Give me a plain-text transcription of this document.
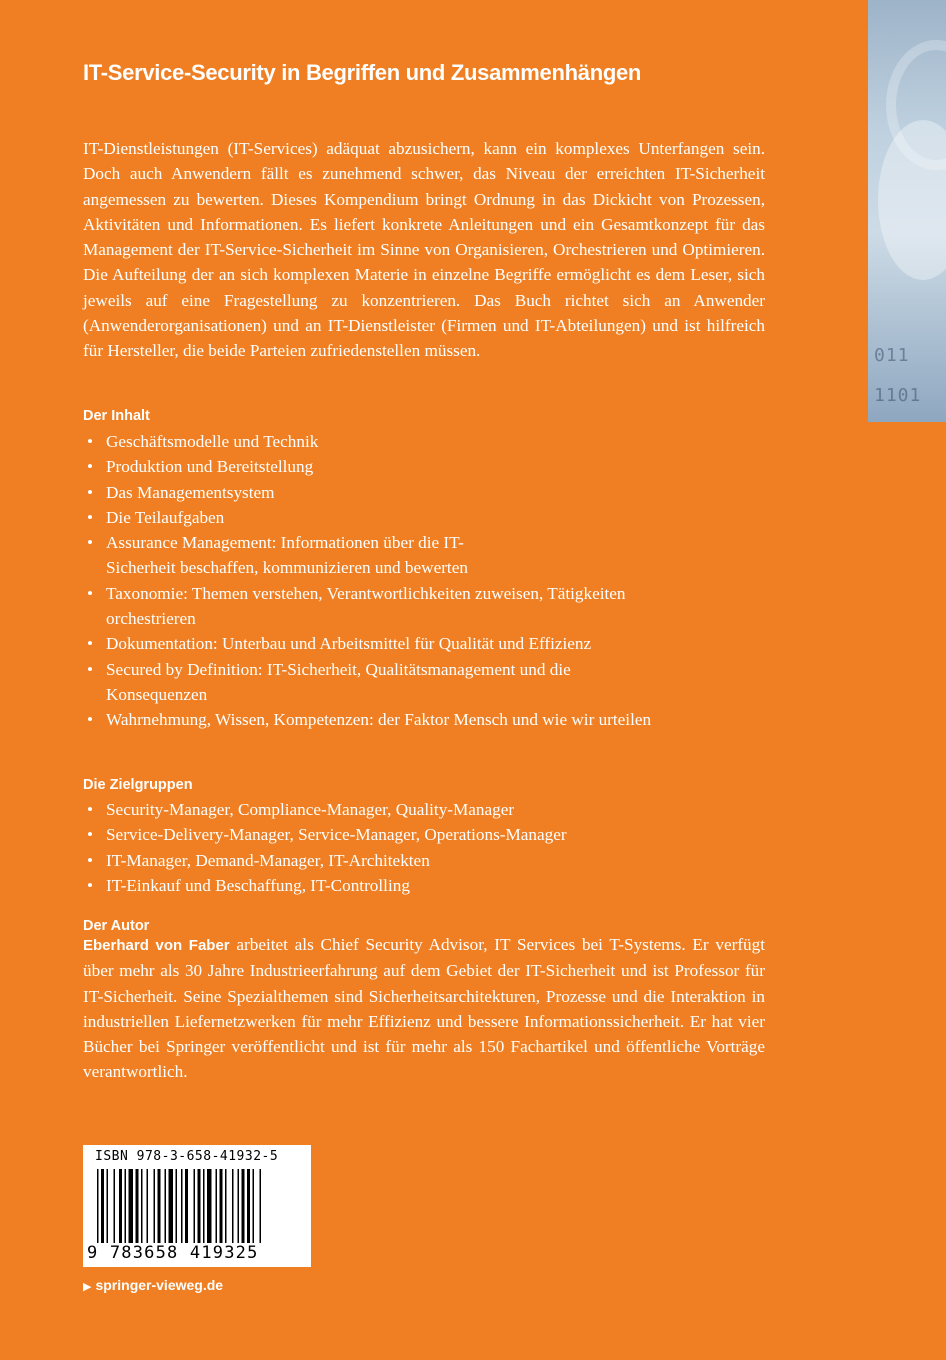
011
1101
IT-Service-Security in Begriffen und Zusammenhängen

IT-Dienstleistungen (IT-Services) adäquat abzusichern, kann ein komplexes Unterfangen sein. Doch auch Anwendern fällt es zunehmend schwer, das Niveau der erreichten IT-Sicherheit angemessen zu bewerten. Dieses Kompendium bringt Ordnung in das Dickicht von Prozessen, Aktivitäten und Informationen. Es liefert konkrete Anleitungen und ein Gesamtkonzept für das Management der IT-Service-Sicherheit im Sinne von Organisieren, Orchestrieren und Optimieren. Die Aufteilung der an sich komplexen Materie in einzelne Begriffe ermöglicht es dem Leser, sich jeweils auf eine Fragestellung zu konzentrieren. Das Buch richtet sich an Anwender (Anwenderorganisationen) und an IT-Dienstleister (Firmen und IT-Abteilungen) und ist hilfreich für Hersteller, die beide Parteien zufriedenstellen müssen.

Der Inhalt
• Geschäftsmodelle und Technik
• Produktion und Bereitstellung
• Das Managementsystem
• Die Teilaufgaben
• Assurance Management: Informationen über die IT-Sicherheit beschaffen, kommunizieren und bewerten
• Taxonomie: Themen verstehen, Verantwortlichkeiten zuweisen, Tätigkeiten orchestrieren
• Dokumentation: Unterbau und Arbeitsmittel für Qualität und Effizienz
• Secured by Definition: IT-Sicherheit, Qualitätsmanagement und die Konsequenzen
• Wahrnehmung, Wissen, Kompetenzen: der Faktor Mensch und wie wir urteilen
Die Zielgruppen
• Security-Manager, Compliance-Manager, Quality-Manager
• Service-Delivery-Manager, Service-Manager, Operations-Manager
• IT-Manager, Demand-Manager, IT-Architekten
• IT-Einkauf und Beschaffung, IT-Controlling
Der Autor

Eberhard von Faber arbeitet als Chief Security Advisor, IT Services bei T-Systems. Er verfügt über mehr als 30 Jahre Industrieerfahrung auf dem Gebiet der IT-Sicherheit und ist Professor für IT-Sicherheit. Seine Spezialthemen sind Sicherheitsarchitekturen, Prozesse und die Interaktion in industriellen Liefernetzwerken für mehr Effizienz und bessere Informationssicherheit. Er hat vier Bücher bei Springer veröffentlicht und ist für mehr als 150 Fachartikel und öffentliche Vorträge verantwortlich.

ISBN 978-3-658-41932-5
9 783658 419325
▶ springer-vieweg.de
